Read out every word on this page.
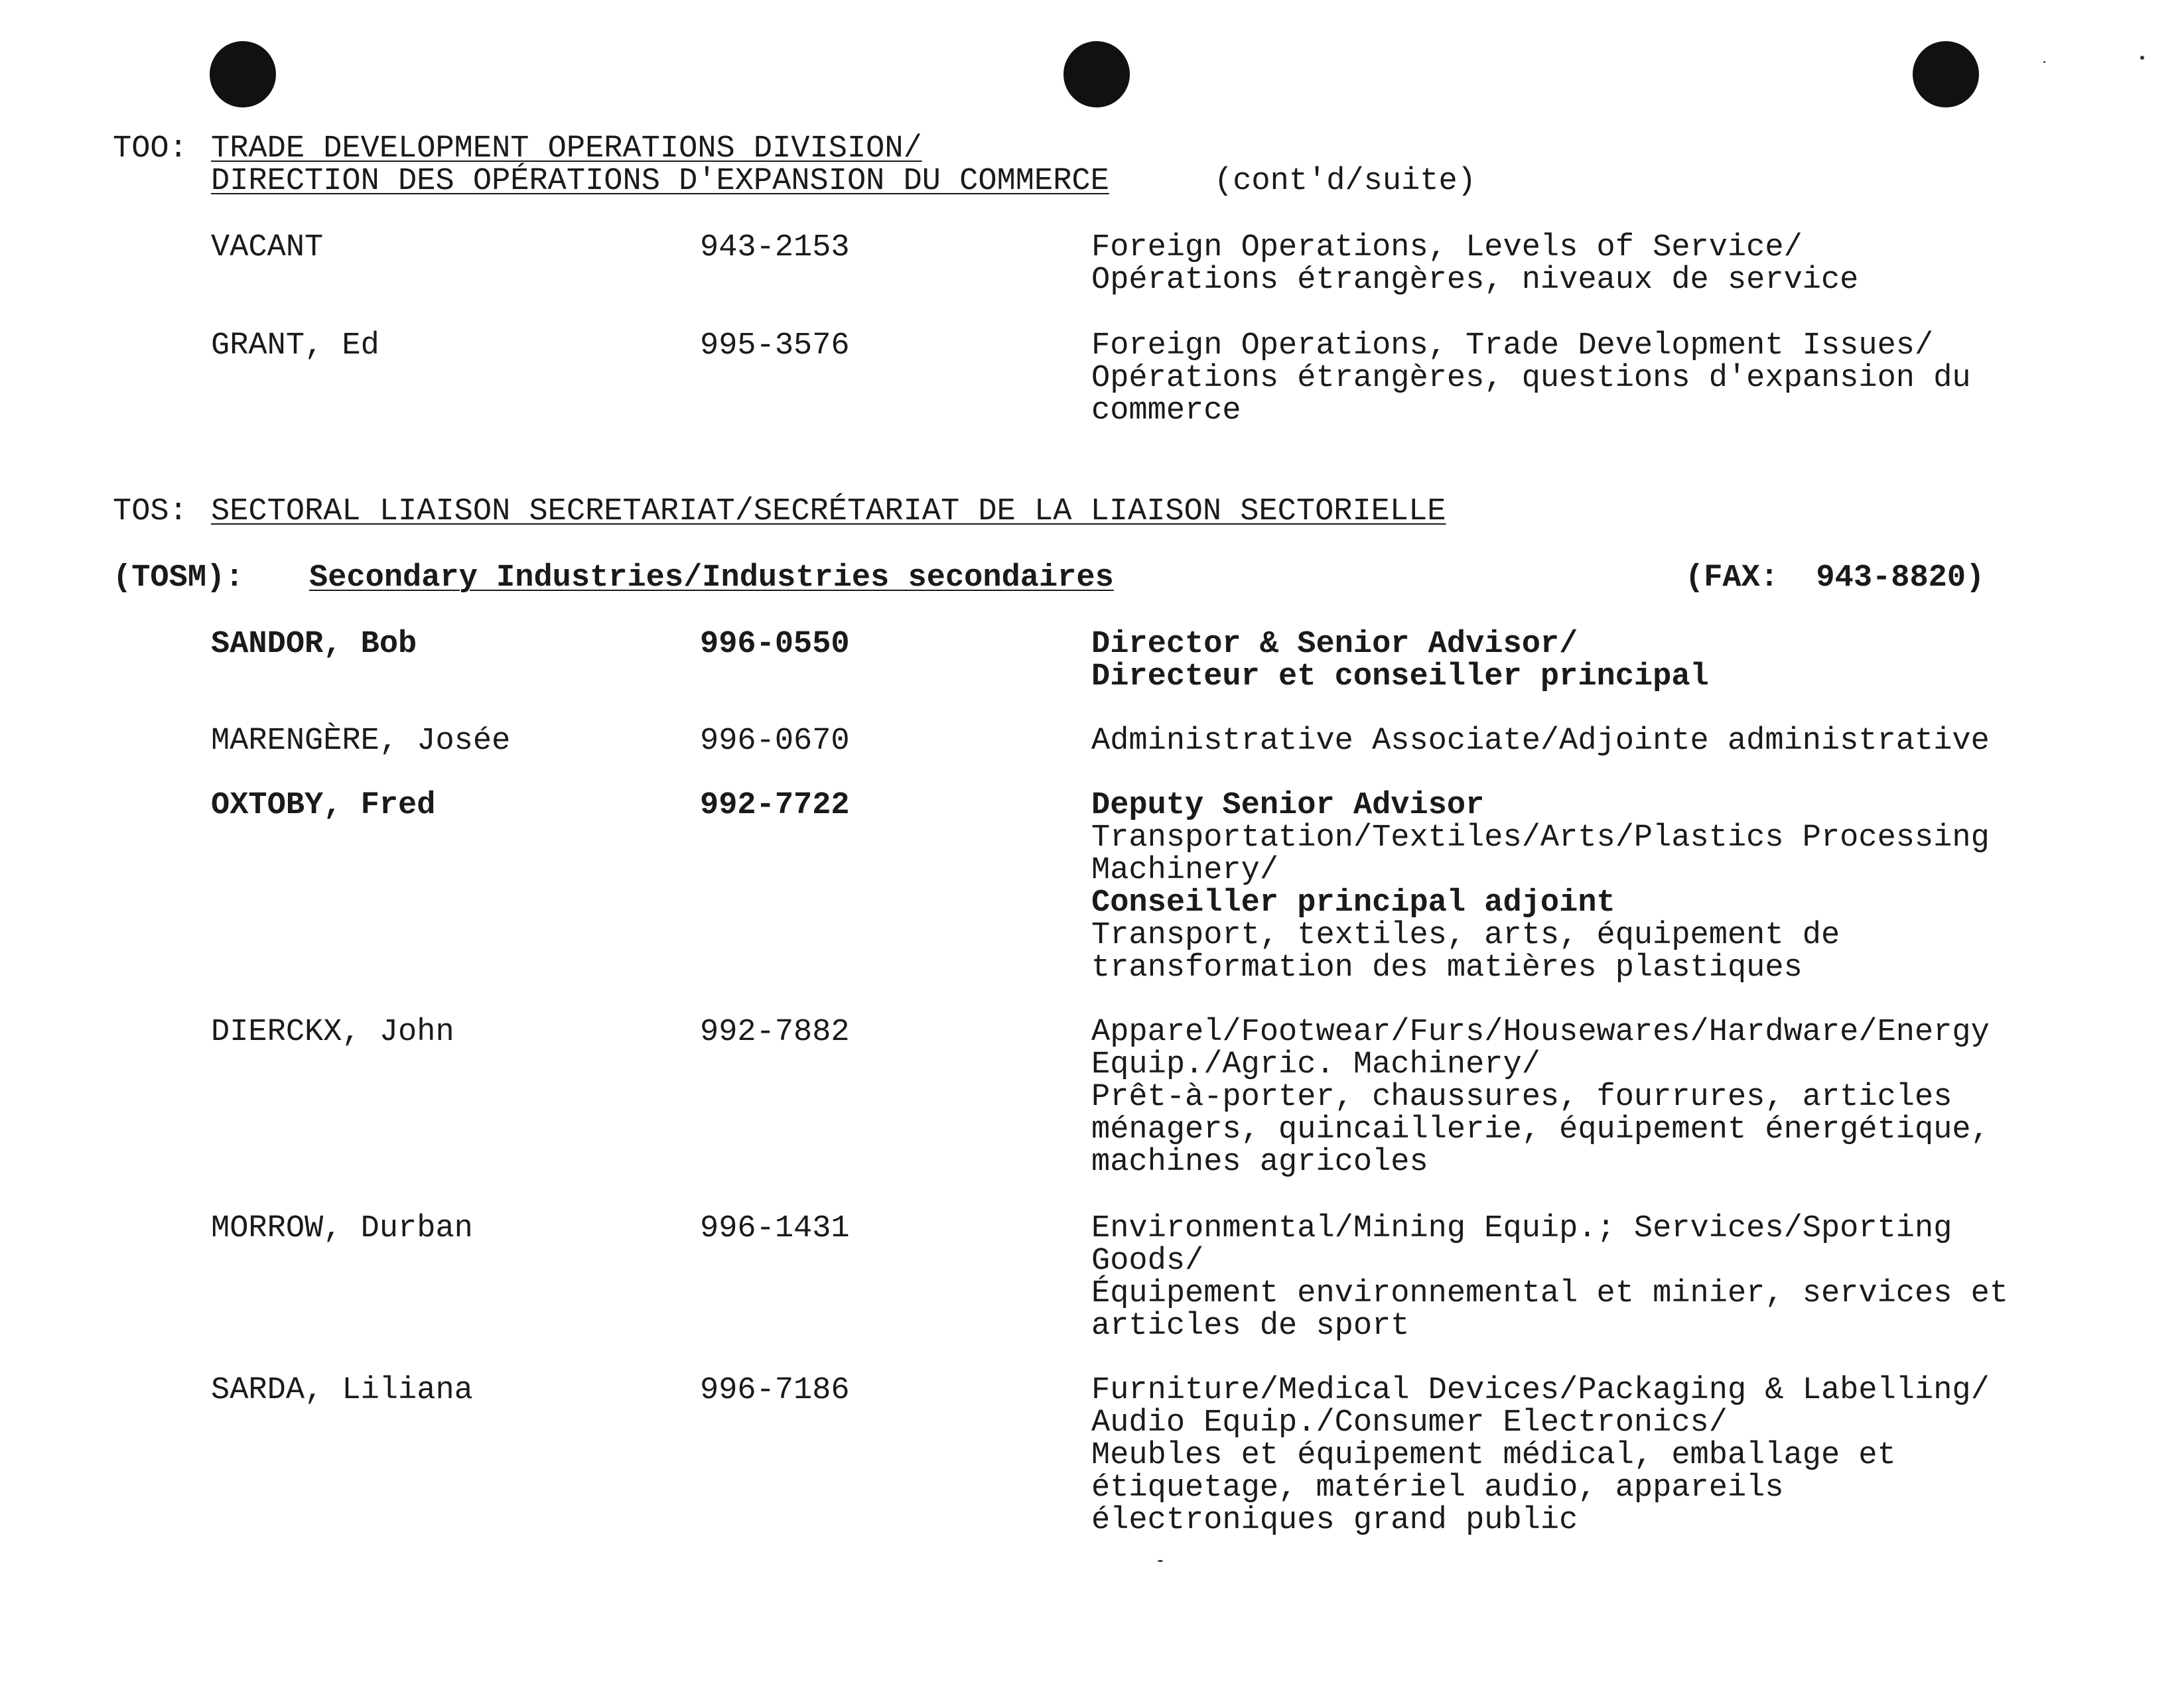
TOO: TRADE DEVELOPMENT OPERATIONS DIVISION/
DIRECTION DES OPÉRATIONS D'EXPANSION DU COMMERCE	(cont'd/suite)
VACANT	943-2153	Foreign Operations, Levels of Service/
Opérations étrangères, niveaux de service
GRANT, Ed	995-3576	Foreign Operations, Trade Development Issues/
Opérations étrangères, questions d'expansion du
commerce
TOS: SECTORAL LIAISON SECRETARIAT/SECRÉTARIAT DE LA LIAISON SECTORIELLE
(TOSM): Secondary Industries/Industries secondaires	(FAX:  943-8820)
SANDOR, Bob	996-0550	Director & Senior Advisor/
Directeur et conseiller principal
MARENGÈRE, Josée	996-0670	Administrative Associate/Adjointe administrative
OXTOBY, Fred	992-7722	Deputy Senior Advisor
Transportation/Textiles/Arts/Plastics Processing
Machinery/
Conseiller principal adjoint
Transport, textiles, arts, équipement de
transformation des matières plastiques
DIERCKX, John	992-7882	Apparel/Footwear/Furs/Housewares/Hardware/Energy
Equip./Agric. Machinery/
Prêt-à-porter, chaussures, fourrures, articles
ménagers, quincaillerie, équipement énergétique,
machines agricoles
MORROW, Durban	996-1431	Environmental/Mining Equip.; Services/Sporting
Goods/
Équipement environnemental et minier, services et
articles de sport
SARDA, Liliana	996-7186	Furniture/Medical Devices/Packaging & Labelling/
Audio Equip./Consumer Electronics/
Meubles et équipement médical, emballage et
étiquetage, matériel audio, appareils
électroniques grand public
